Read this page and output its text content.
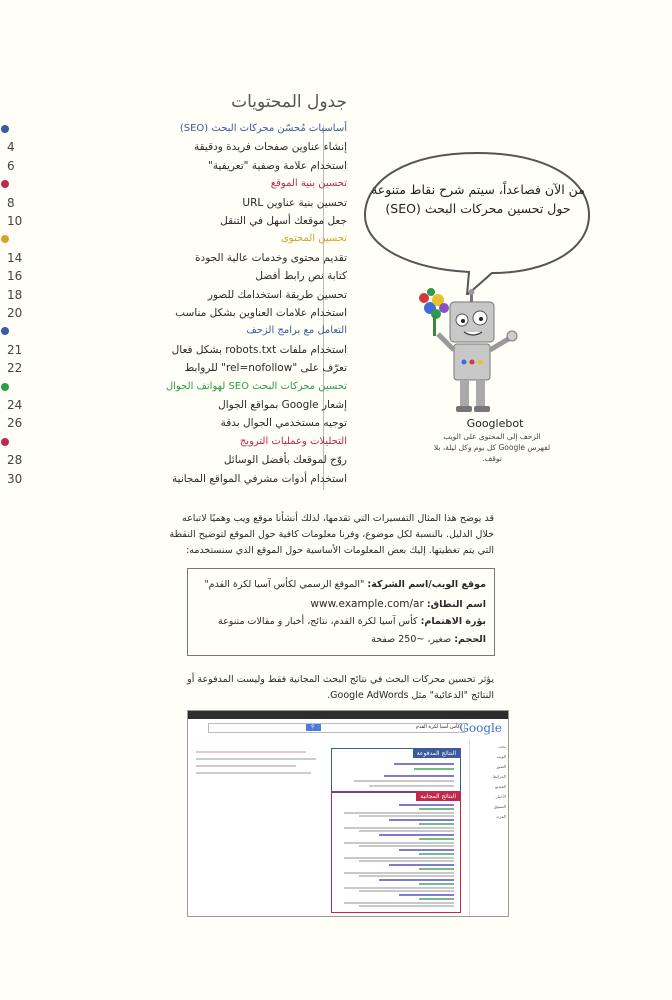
جدول المحتويات
أساسيات مُحسّن محركات البحث (SEO)
4	إنشاء عناوين صفحات فريدة ودقيقة
6	استخدام علامة وصفية "تعريفية"
تحسين بنية الموقع
8	تحسين بنية عناوين URL
10	جعل موقعك أسهل في التنقل
تحسين المحتوى
14	تقديم محتوى وخدمات عالية الجودة
16	كتابة نص رابط أفضل
18	تحسين طريقة استخدامك للصور
20	استخدام علامات العناوين بشكل مناسب
التعامل مع برامج الزحف
21	استخدام ملفات robots.txt بشكل فعال
22	تعرّف على "rel=nofollow" للروابط
تحسين محركات البحث SEO لهواتف الجوال
24	إشعار Google بمواقع الجوال
26	توجيه مستخدمي الجوال بدقة
التحليلات وعمليات الترويج
28	روّج لموقعك بأفضل الوسائل
30	استخدام أدوات مشرفي المواقع المجانية
من الآن فصاعداً، سيتم شرح نقاط متنوعة حول تحسين محركات البحث (SEO)
Googlebot
الزحف إلى المحتوى على الويب لفهرس Google كل يوم وكل ليلة، بلا توقف.
قد يوضح هذا المثال التفسيرات التي تقدمها، لذلك أنشأنا موقع ويب وهميًا لاتباعه خلال الدليل. بالنسبة لكل موضوع، وفرنا معلومات كافية حول الموقع لتوضيح النقطة التي يتم تغطيتها. إليك بعض المعلومات الأساسية حول الموقع الذي سنستخدمه:
موقع الويب/اسم الشركة: "الموقع الرسمي لكأس آسيا لكرة القدم"
اسم النطاق: www.example.com/ar
بؤرة الاهتمام: كأس آسيا لكرة القدم، نتائج، أخبار و مقالات متنوعة
الحجم: صغير، ~250 صفحة
يؤثر تحسين محركات البحث في نتائج البحث المجانية فقط وليست المدفوعة أو النتائج "الدعائية" مثل Google AdWords.
Google
كأس آسيا لكرة القدم
⚲
بحث
الويب
الصور
الخرائط
الفيديو
الأخبار
التسوق
المزيد
النتائج المدفوعة
النتائج المجانية
